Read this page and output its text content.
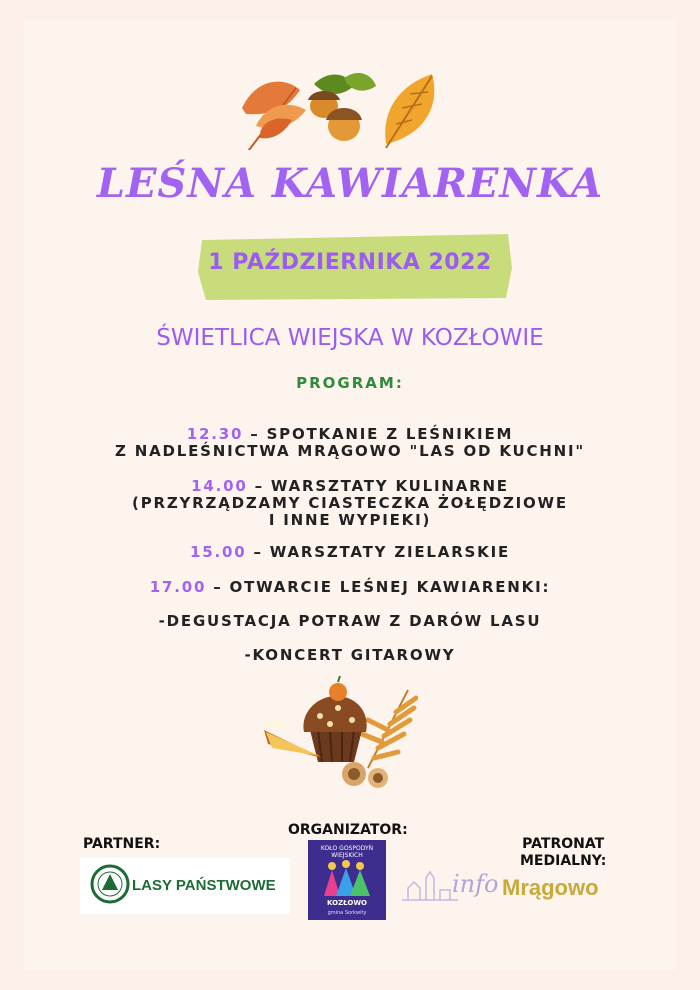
LEŚNA KAWIARENKA
1 PAŹDZIERNIKA 2022
ŚWIETLICA WIEJSKA W KOZŁOWIE
PROGRAM:
12.30 – SPOTKANIE Z LEŚNIKIEM
Z NADLEŚNICTWA MRĄGOWO "LAS OD KUCHNI"
14.00 – WARSZTATY KULINARNE
(PRZYRZĄDZAMY CIASTECZKA ŻOŁĘDZIOWE
I INNE WYPIEKI)
15.00 – WARSZTATY ZIELARSKIE
17.00 – OTWARCIE LEŚNEJ KAWIARENKI:
-DEGUSTACJA POTRAW Z DARÓW LASU
-KONCERT GITAROWY
PARTNER:
ORGANIZATOR:
PATRONAT
MEDIALNY:
LASY PAŃSTWOWE
KOŁO GOSPODYŃ WIEJSKICH
KOZŁOWO
gmina Sorkwity
info Mrągowo
